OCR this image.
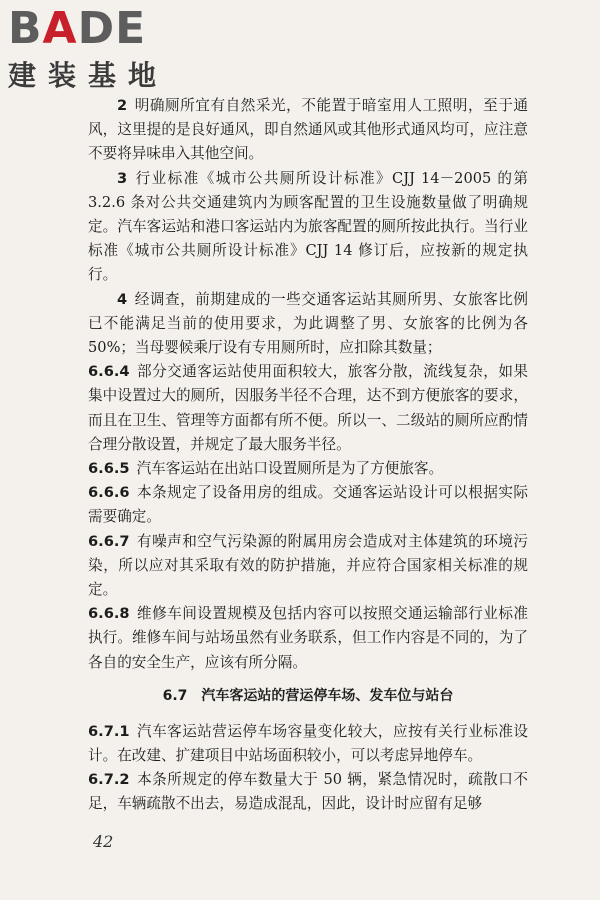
BADE
建装基地

2 明确厕所宜有自然采光，不能置于暗室用人工照明，至于通风，这里提的是良好通风，即自然通风或其他形式通风均可，应注意不要将异味串入其他空间。

3 行业标准《城市公共厕所设计标准》CJJ 14－2005 的第3.2.6 条对公共交通建筑内为顾客配置的卫生设施数量做了明确规定。汽车客运站和港口客运站内为旅客配置的厕所按此执行。当行业标准《城市公共厕所设计标准》CJJ 14 修订后，应按新的规定执行。

4 经调查，前期建成的一些交通客运站其厕所男、女旅客比例已不能满足当前的使用要求，为此调整了男、女旅客的比例为各 50%；当母婴候乘厅设有专用厕所时，应扣除其数量；

6.6.4 部分交通客运站使用面积较大，旅客分散，流线复杂，如果集中设置过大的厕所，因服务半径不合理，达不到方便旅客的要求，而且在卫生、管理等方面都有所不便。所以一、二级站的厕所应酌情合理分散设置，并规定了最大服务半径。

6.6.5 汽车客运站在出站口设置厕所是为了方便旅客。

6.6.6 本条规定了设备用房的组成。交通客运站设计可以根据实际需要确定。

6.6.7 有噪声和空气污染源的附属用房会造成对主体建筑的环境污染，所以应对其采取有效的防护措施，并应符合国家相关标准的规定。

6.6.8 维修车间设置规模及包括内容可以按照交通运输部行业标准执行。维修车间与站场虽然有业务联系，但工作内容是不同的，为了各自的安全生产，应该有所分隔。

6.7　汽车客运站的营运停车场、发车位与站台

6.7.1 汽车客运站营运停车场容量变化较大，应按有关行业标准设计。在改建、扩建项目中站场面积较小，可以考虑异地停车。

6.7.2 本条所规定的停车数量大于 50 辆，紧急情况时，疏散口不足，车辆疏散不出去，易造成混乱，因此，设计时应留有足够

42
